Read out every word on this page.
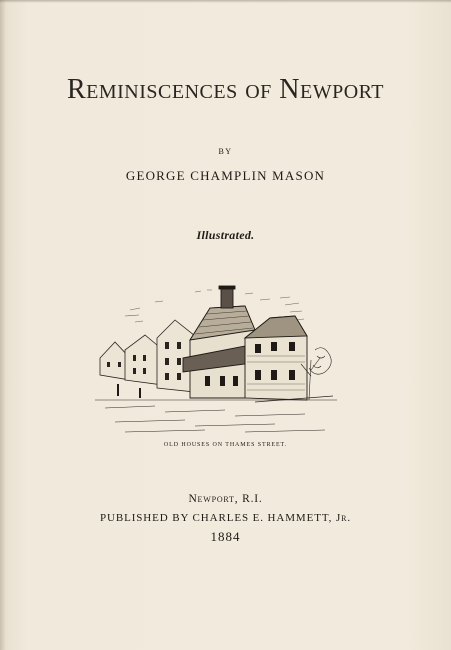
Reminiscences of Newport
BY
GEORGE CHAMPLIN MASON
Illustrated.
OLD HOUSES ON THAMES STREET.
Newport, R.I.
PUBLISHED BY CHARLES E. HAMMETT, Jr.
1884
